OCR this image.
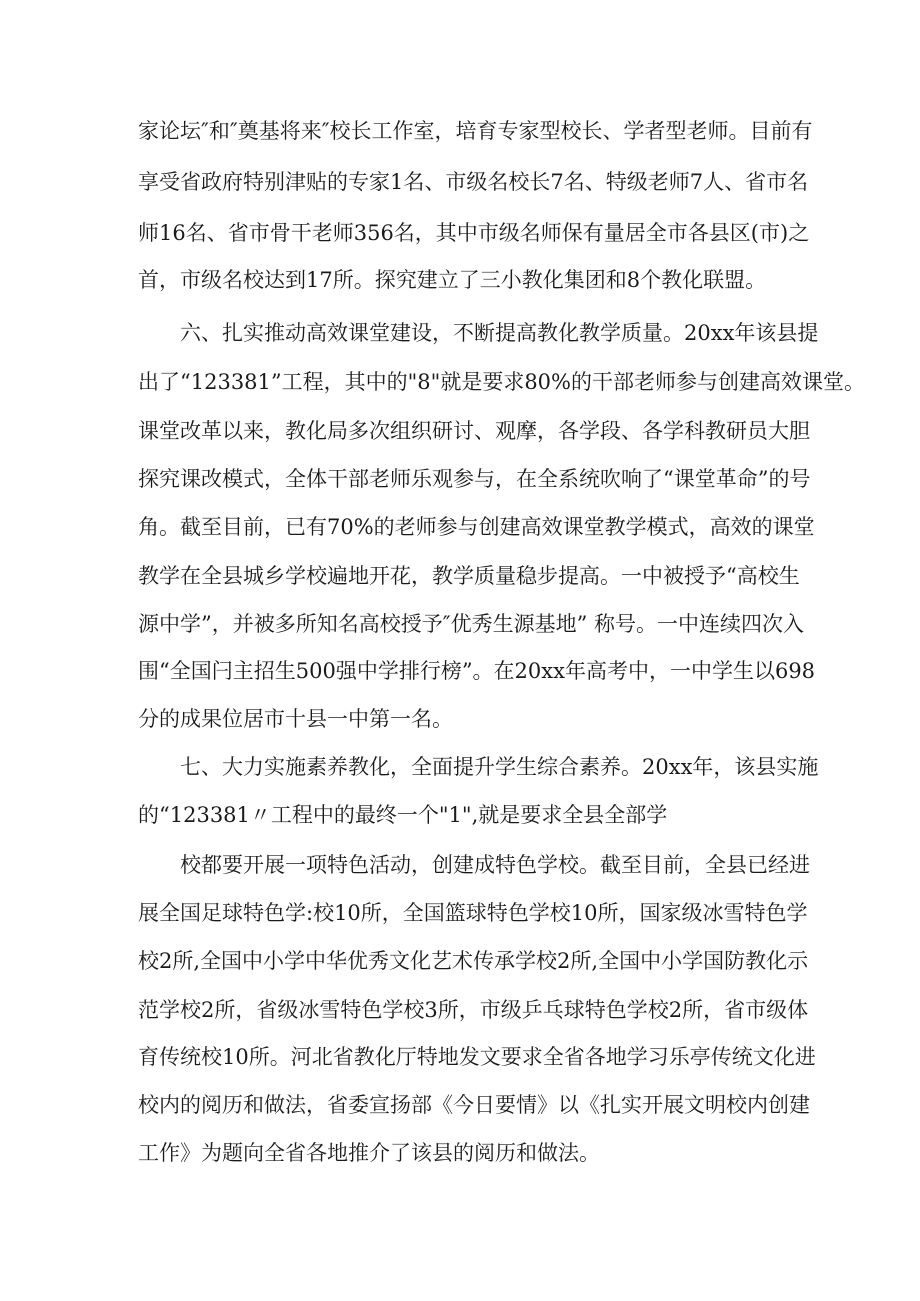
家论坛″和″奠基将来″校长工作室，培育专家型校长、学者型老师。目前有

享受省政府特别津贴的专家1名、市级名校长7名、特级老师7人、省市名

师16名、省市骨干老师356名，其中市级名师保有量居全市各县区(市)之

首，市级名校达到17所。探究建立了三小教化集团和8个教化联盟。

六、扎实推动高效课堂建设，不断提高教化教学质量。20xx年该县提

出了“123381”工程，其中的"8"就是要求80%的干部老师参与创建高效课堂。

课堂改革以来，教化局多次组织研讨、观摩，各学段、各学科教研员大胆

探究课改模式，全体干部老师乐观参与，在全系统吹响了“课堂革命”的号

角。截至目前，已有70%的老师参与创建高效课堂教学模式，高效的课堂

教学在全县城乡学校遍地开花，教学质量稳步提高。一中被授予“高校生

源中学”，并被多所知名高校授予″优秀生源基地” 称号。一中连续四次入

围“全国闩主招生500强中学排行榜”。在20xx年高考中，一中学生以698

分的成果位居市十县一中第一名。

七、大力实施素养教化，全面提升学生综合素养。20xx年，该县实施

的“123381〃工程中的最终一个"1",就是要求全县全部学

校都要开展一项特色活动，创建成特色学校。截至目前，全县已经进

展全国足球特色学:校10所，全国篮球特色学校10所，国家级冰雪特色学

校2所,全国中小学中华优秀文化艺术传承学校2所,全国中小学国防教化示

范学校2所，省级冰雪特色学校3所，市级乒乓球特色学校2所，省市级体

育传统校10所。河北省教化厅特地发文要求全省各地学习乐亭传统文化进

校内的阅历和做法，省委宣扬部《今日要情》以《扎实开展文明校内创建

工作》为题向全省各地推介了该县的阅历和做法。
